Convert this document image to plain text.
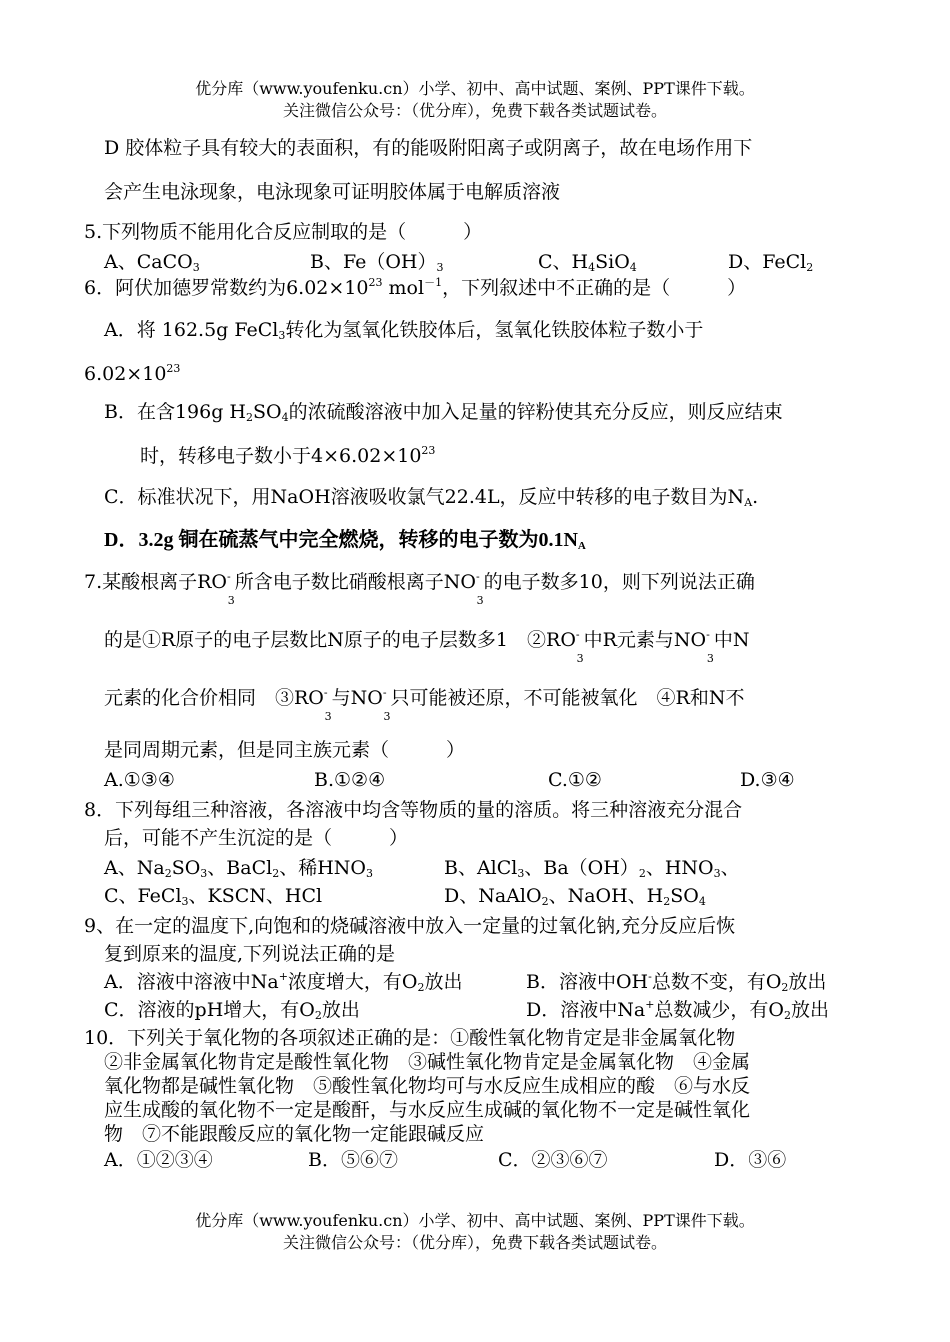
优分库（www.youfenku.cn）小学、初中、高中试题、案例、PPT课件下载。
关注微信公众号：（优分库），免费下载各类试题试卷。
D 胶体粒子具有较大的表面积，有的能吸附阳离子或阴离子，故在电场作用下
会产生电泳现象，电泳现象可证明胶体属于电解质溶液
5.下列物质不能用化合反应制取的是（　　　）
A、CaCO$_3$	B、$Fe(OH)_3$	C、$H_4SiO_4$	D、FeCl$_2$
6．阿伏加德罗常数约为$6.02\times 10^{23}$ mol$^{-1}$，下列叙述中不正确的是（　　　）
A．将 162.5g FeCl$_3$转化为氢氧化铁胶体后，氢氧化铁胶体粒子数小于
$6.02\times 10^{23}$
B．在含196g $H_2SO_4$的浓硫酸溶液中加入足量的锌粉使其充分反应，则反应结束
时，转移电子数小于$4\times 6.02\times 10^{23}$
C．标准状况下，用NaOH溶液吸收氯气22.4L，反应中转移的电子数目为$N_A$.
D．3.2g 铜在硫蒸气中完全燃烧，转移的电子数为$0.1N_A$
7.某酸根离子$RO^-_3$所含电子数比硝酸根离子$NO^-_3$的电子数多10，则下列说法正确
的是①R原子的电子层数比N原子的电子层数多1　$②RO^-_3$中R元素与$NO^-_3$中N
元素的化合价相同　$③RO^-_3$与$NO^-_3$只可能被还原，不可能被氧化　④R和N不
是同周期元素，但是同主族元素（　　　）
A.①③④	B.①②④	C.①②	D.③④
8．下列每组三种溶液，各溶液中均含等物质的量的溶质。将三种溶液充分混合
后，可能不产生沉淀的是（　　　）
A、$Na_2SO_3$、BaCl$_2$、稀$HNO_3$	B、AlCl$_3$、$Ba(OH)_2$、$HNO_3$、
C、FeCl$_3$、KSCN、HCl	D、NaAlO$_2$、NaOH、$H_2SO_4$
9、在一定的温度下,向饱和的烧碱溶液中放入一定量的过氧化钠,充分反应后恢
复到原来的温度,下列说法正确的是
A．溶液中溶液中Na+浓度增大，有$O_2$放出	B．溶液中OH-总数不变，有$O_2$放出
C．溶液的pH增大，有$O_2$放出	D．溶液中Na+总数减少，有$O_2$放出
10．下列关于氧化物的各项叙述正确的是：①酸性氧化物肯定是非金属氧化物
②非金属氧化物肯定是酸性氧化物　③碱性氧化物肯定是金属氧化物　④金属
氧化物都是碱性氧化物　⑤酸性氧化物均可与水反应生成相应的酸　⑥与水反
应生成酸的氧化物不一定是酸酐，与水反应生成碱的氧化物不一定是碱性氧化
物　⑦不能跟酸反应的氧化物一定能跟碱反应
A．①②③④	B．⑤⑥⑦	C．②③⑥⑦	D．③⑥
优分库（www.youfenku.cn）小学、初中、高中试题、案例、PPT课件下载。
关注微信公众号：（优分库），免费下载各类试题试卷。
